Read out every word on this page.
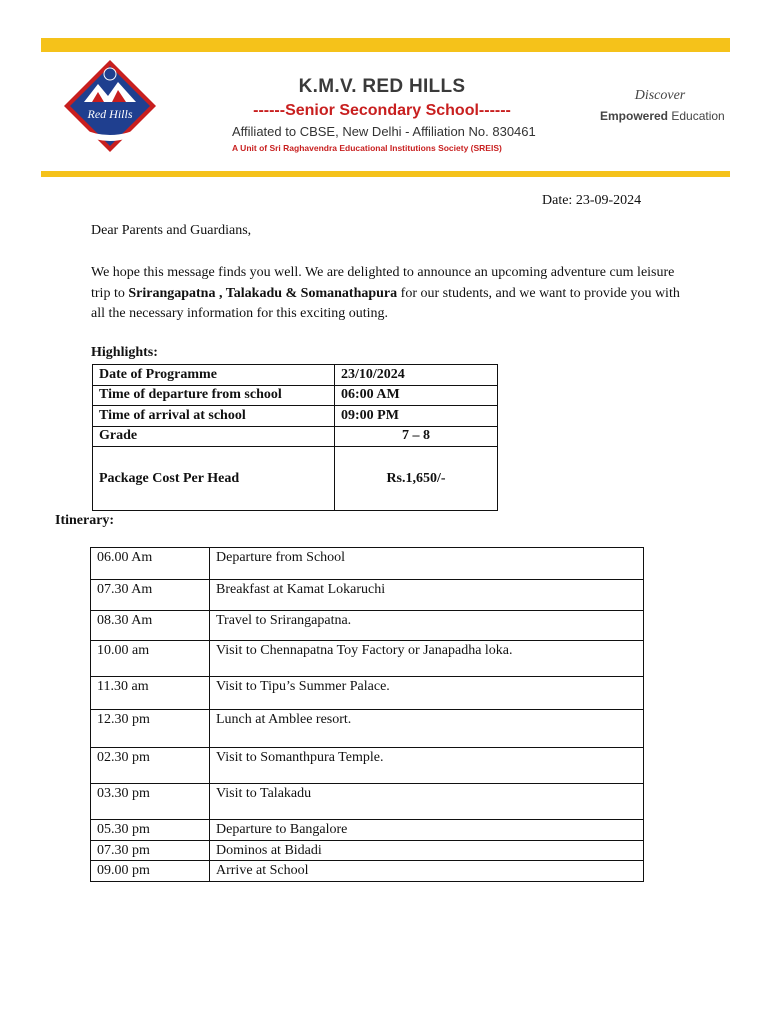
Red Hills
K.M.V. RED HILLS
------Senior Secondary School------
Affiliated to CBSE, New Delhi - Affiliation No. 830461
A Unit of Sri Raghavendra Educational Institutions Society (SREIS)
Discover
Empowered Education
Date: 23-09-2024
Dear Parents and Guardians,
We hope this message finds you well. We are delighted to announce an upcoming adventure cum leisure trip to Srirangapatna , Talakadu & Somanathapura for our students, and we want to provide you with all the necessary information for this exciting outing.
Highlights:
Date of Programme	23/10/2024
Time of departure from school	06:00 AM
Time of arrival at school	09:00 PM
Grade	7 – 8
Package Cost Per Head	Rs.1,650/-
Itinerary:
06.00 Am	Departure from School
07.30 Am	Breakfast at Kamat Lokaruchi
08.30 Am	Travel to Srirangapatna.
10.00 am	Visit to Chennapatna Toy Factory or Janapadha loka.
11.30 am	Visit to Tipu’s Summer Palace.
12.30 pm	Lunch at Amblee resort.
02.30 pm	Visit to Somanthpura Temple.
03.30 pm	Visit to Talakadu
05.30 pm	Departure to Bangalore
07.30 pm	Dominos at Bidadi
09.00 pm	Arrive at School
